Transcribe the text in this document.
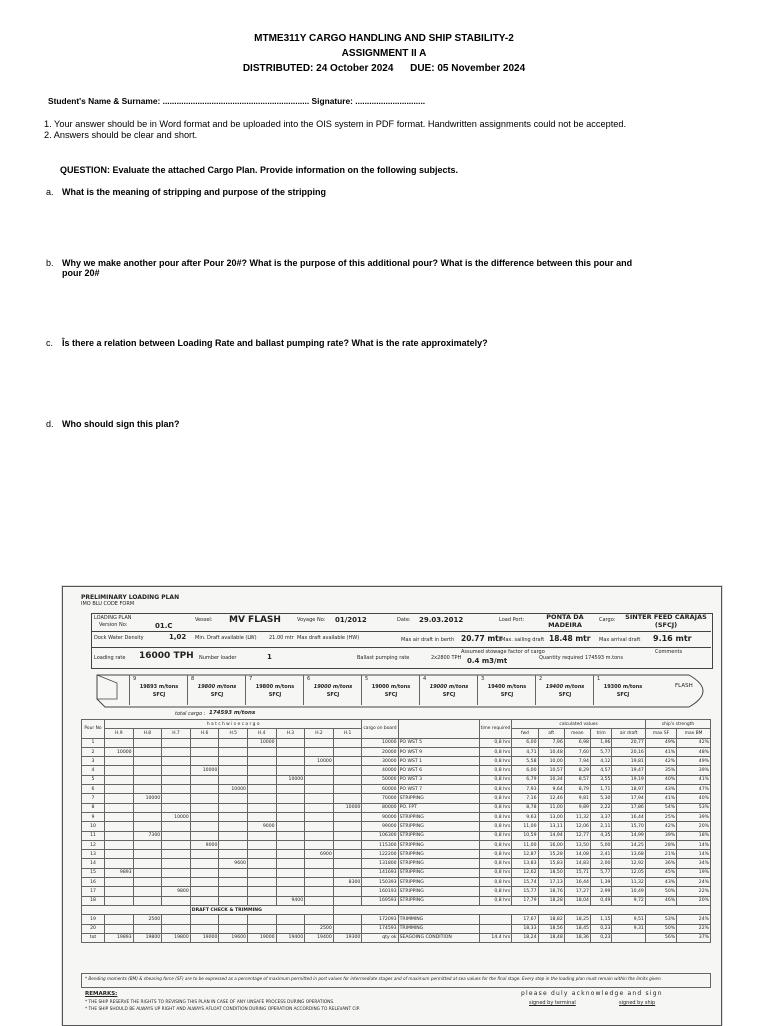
MTME311Y CARGO HANDLING AND SHIP STABILITY-2
ASSIGNMENT II A
DISTRIBUTED: 24 October 2024 DUE: 05 November 2024
Student's Name & Surname: ............................................................... Signature: ..............................
1. Your answer should be in Word format and be uploaded into the OIS system in PDF format. Handwritten assignments could not be accepted.
2. Answers should be clear and short.
QUESTION: Evaluate the attached Cargo Plan. Provide information on the following subjects.
a. What is the meaning of stripping and purpose of the stripping
b. Why we make another pour after Pour 20#? What is the purpose of this additional pour? What is the difference between this pour and
pour 20#
c. Îs there a relation between Loading Rate and ballast pumping rate? What is the rate approximately?
d. Who should sign this plan?
PRELIMINARY LOADING PLAN
IMO BLU CODE FORM
LOADING PLAN
Version No:	01.C
Vessel: MV FLASH	Voyage No: 01/2012	Date: 29.03.2012	Load Port:	PONTA DA MADEIRA
Cargo:	SINTER FEED CARAJAS (SFCJ)
Dock Water Density	1,02 Min. Draft available (LW) 21.00 mtr Max draft available (HW)	Max air draft in berth 20.77 mtr
Max. sailing draft 18.48 mtr Max arrival draft 9.16 mtr
Loading rate 16000 TPH Number loader	1	Ballast pumping rate	2x2800 TPH
Assumed stowage factor of cargo
0.4 m3/mt	Quantity required 174593 m.tons
Comments
9
19893 m/tons
SFCJ
8
19800 m/tons
SFCJ
7
19800 m/tons
SFCJ
6
19000 m/tons
SFCJ
5
19000 m/tons
SFCJ
4
19000 m/tons
SFCJ
3
19400 m/tons
SFCJ
2
19400 m/tons
SFCJ
1
19300 m/tons
SFCJ
FLASH
total cargo : 174593 m/tons
Pour No	h a t c h w i s e c a r g o									cargo on board		time required	calculated values					ship's strength	
	H.9	H.8	H.7	H.6	H.5	H.4	H.3	H.2	H.1				fwd	aft	mean	trim	air draft	max SF	max BM
1						10000				10000	PO WST 5	0,8 hrs	6,00	7,96	6,98	1,96	20,77	49%	42%
2	10000									20000	PO WST 9	0,8 hrs	4,71	10,48	7,60	5,77	20,16	41%	48%
3								10000		30000	PO WST 1	0,8 hrs	5,58	10,00	7,94	4,12	19,81	42%	49%
4				10000						40000	PO WST 6	0,8 hrs	6,00	10,57	8,29	4,57	19,47	35%	39%
5							10000			50000	PO WST 3	0,8 hrs	6,79	10,34	8,57	3,55	19,19	40%	41%
6					10000					60000	PO WST 7	0,8 hrs	7,93	9,64	8,79	1,71	18,97	43%	47%
7		10000								70000	STRIPPING	0,8 hrs	7,16	12,46	9,81	5,30	17,94	41%	40%
8									10000	80000	PO. FPT	0,8 hrs	8,78	11,00	9,89	2,22	17,86	54%	53%
9			10000							90000	STRIPPING	0,8 hrs	9,63	13,00	11,32	3,37	16,44	25%	39%
10						9000				99000	STRIPPING	0,8 hrs	11,00	13,11	12,06	2,11	15,70	42%	20%
11		7300								106300	STRIPPING	0,8 hrs	10,59	14,94	12,77	4,35	14,99	39%	18%
12				9000						115300	STRIPPING	0,8 hrs	11,00	16,00	13,50	5,00	14,25	28%	14%
13								6900		122200	STRIPPING	0,8 hrs	12,87	15,28	14,08	2,41	13,68	21%	14%
14					9600					131800	STRIPPING	0,8 hrs	13,83	15,83	14,83	2,00	12,92	36%	34%
15	9893									141693	STRIPPING	0,8 hrs	12,62	18,50	15,71	5,77	12,05	45%	19%
16									8300	150393	STRIPPING	0,8 hrs	15,74	17,13	16,44	1,39	11,32	43%	24%
17			9800							160193	STRIPPING	0,8 hrs	15,77	18,76	17,27	2,99	10,49	50%	22%
18							9400			169593	STRIPPING	0,8 hrs	17,79	18,28	18,04	0,49	9,72	46%	20%
				DRAFT CHECK & TRIMMING															
19		2500								172093	TRIMMING		17,67	18,82	18,25	1,15	9,51	53%	24%
20								2500		174593	TRIMMING		18,33	18,56	18,45	0,23	9,31	50%	22%
tot	19893	19800	19800	19000	19600	19000	19400	19400	19300	qty ok	SEAGOING CONDITION	14.4 hrs	18,24	18,48	18,36	0,23		56%	37%
* Bending moments (BM) & shearing force (SF) are to be expressed as a percentage of maximum permitted in port values for intermediate stages and of maximum permitted at sea values for the final stage. Every step in the loading plan must remain within the limits given.
REMARKS:
* THE SHIP RESERVE THE RIGHTS TO REVISING THIS PLAN IN CASE OF ANY UNSAFE PROCESS DURING OPERATIONS.
* THE SHIP SHOULD BE ALWAYS UP RIGHT AND ALWAYS AFLOAT CONDITION DURING OPERATION ACCORDING TO RELEVANT CIP.
please duly acknowledge and sign
signed by terminal	signed by ship
